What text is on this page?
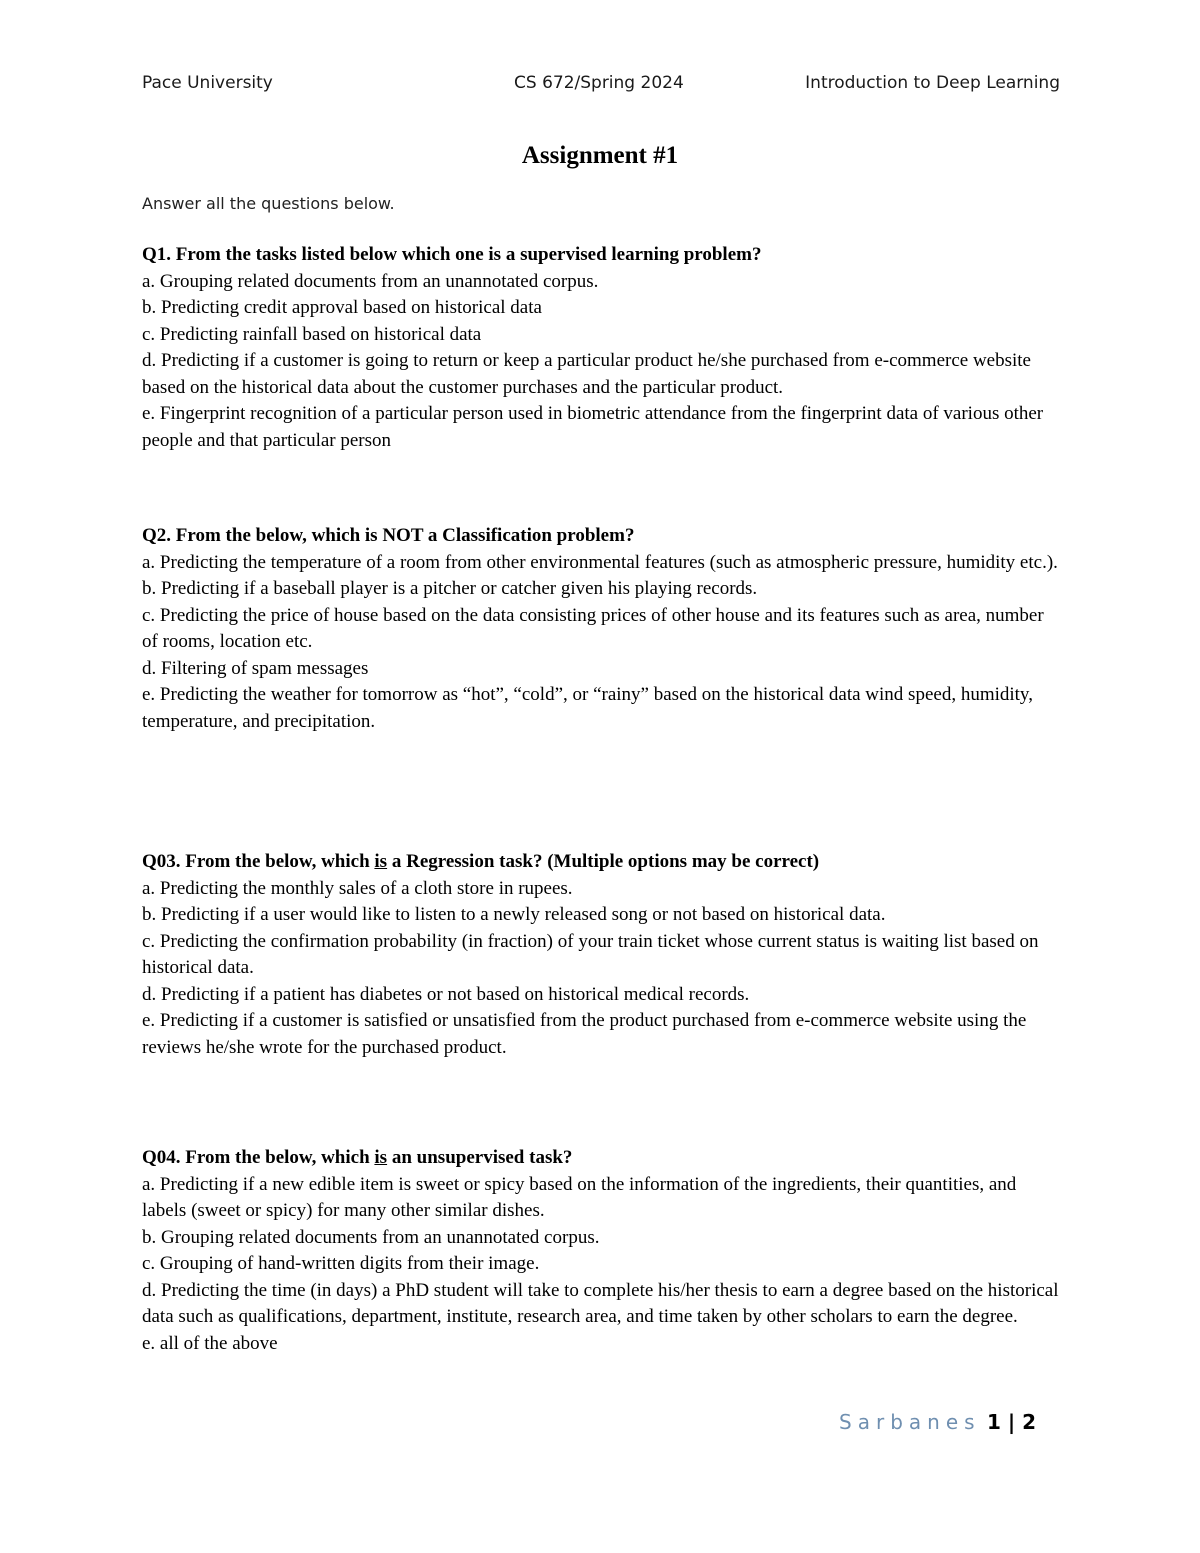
Pace University	CS 672/Spring 2024	Introduction to Deep Learning
Assignment #1
Answer all the questions below.

Q1. From the tasks listed below which one is a supervised learning problem?

a. Grouping related documents from an unannotated corpus.

b. Predicting credit approval based on historical data

c. Predicting rainfall based on historical data

d. Predicting if a customer is going to return or keep a particular product he/she purchased from e-commerce website based on the historical data about the customer purchases and the particular product.

e. Fingerprint recognition of a particular person used in biometric attendance from the fingerprint data of various other people and that particular person

Q2. From the below, which is NOT a Classification problem?

a. Predicting the temperature of a room from other environmental features (such as atmospheric pressure, humidity etc.).

b. Predicting if a baseball player is a pitcher or catcher given his playing records.

c. Predicting the price of house based on the data consisting prices of other house and its features such as area, number of rooms, location etc.

d. Filtering of spam messages

e. Predicting the weather for tomorrow as “hot”, “cold”, or “rainy” based on the historical data wind speed, humidity, temperature, and precipitation.

Q03. From the below, which is a Regression task? (Multiple options may be correct)

a. Predicting the monthly sales of a cloth store in rupees.

b. Predicting if a user would like to listen to a newly released song or not based on historical data.

c. Predicting the confirmation probability (in fraction) of your train ticket whose current status is waiting list based on historical data.

d. Predicting if a patient has diabetes or not based on historical medical records.

e. Predicting if a customer is satisfied or unsatisfied from the product purchased from e-commerce website using the reviews he/she wrote for the purchased product.

Q04. From the below, which is an unsupervised task?

a. Predicting if a new edible item is sweet or spicy based on the information of the ingredients, their quantities, and labels (sweet or spicy) for many other similar dishes.

b. Grouping related documents from an unannotated corpus.

c. Grouping of hand-written digits from their image.

d. Predicting the time (in days) a PhD student will take to complete his/her thesis to earn a degree based on the historical data such as qualifications, department, institute, research area, and time taken by other scholars to earn the degree.

e. all of the above

Sarbanes 1 | 2
